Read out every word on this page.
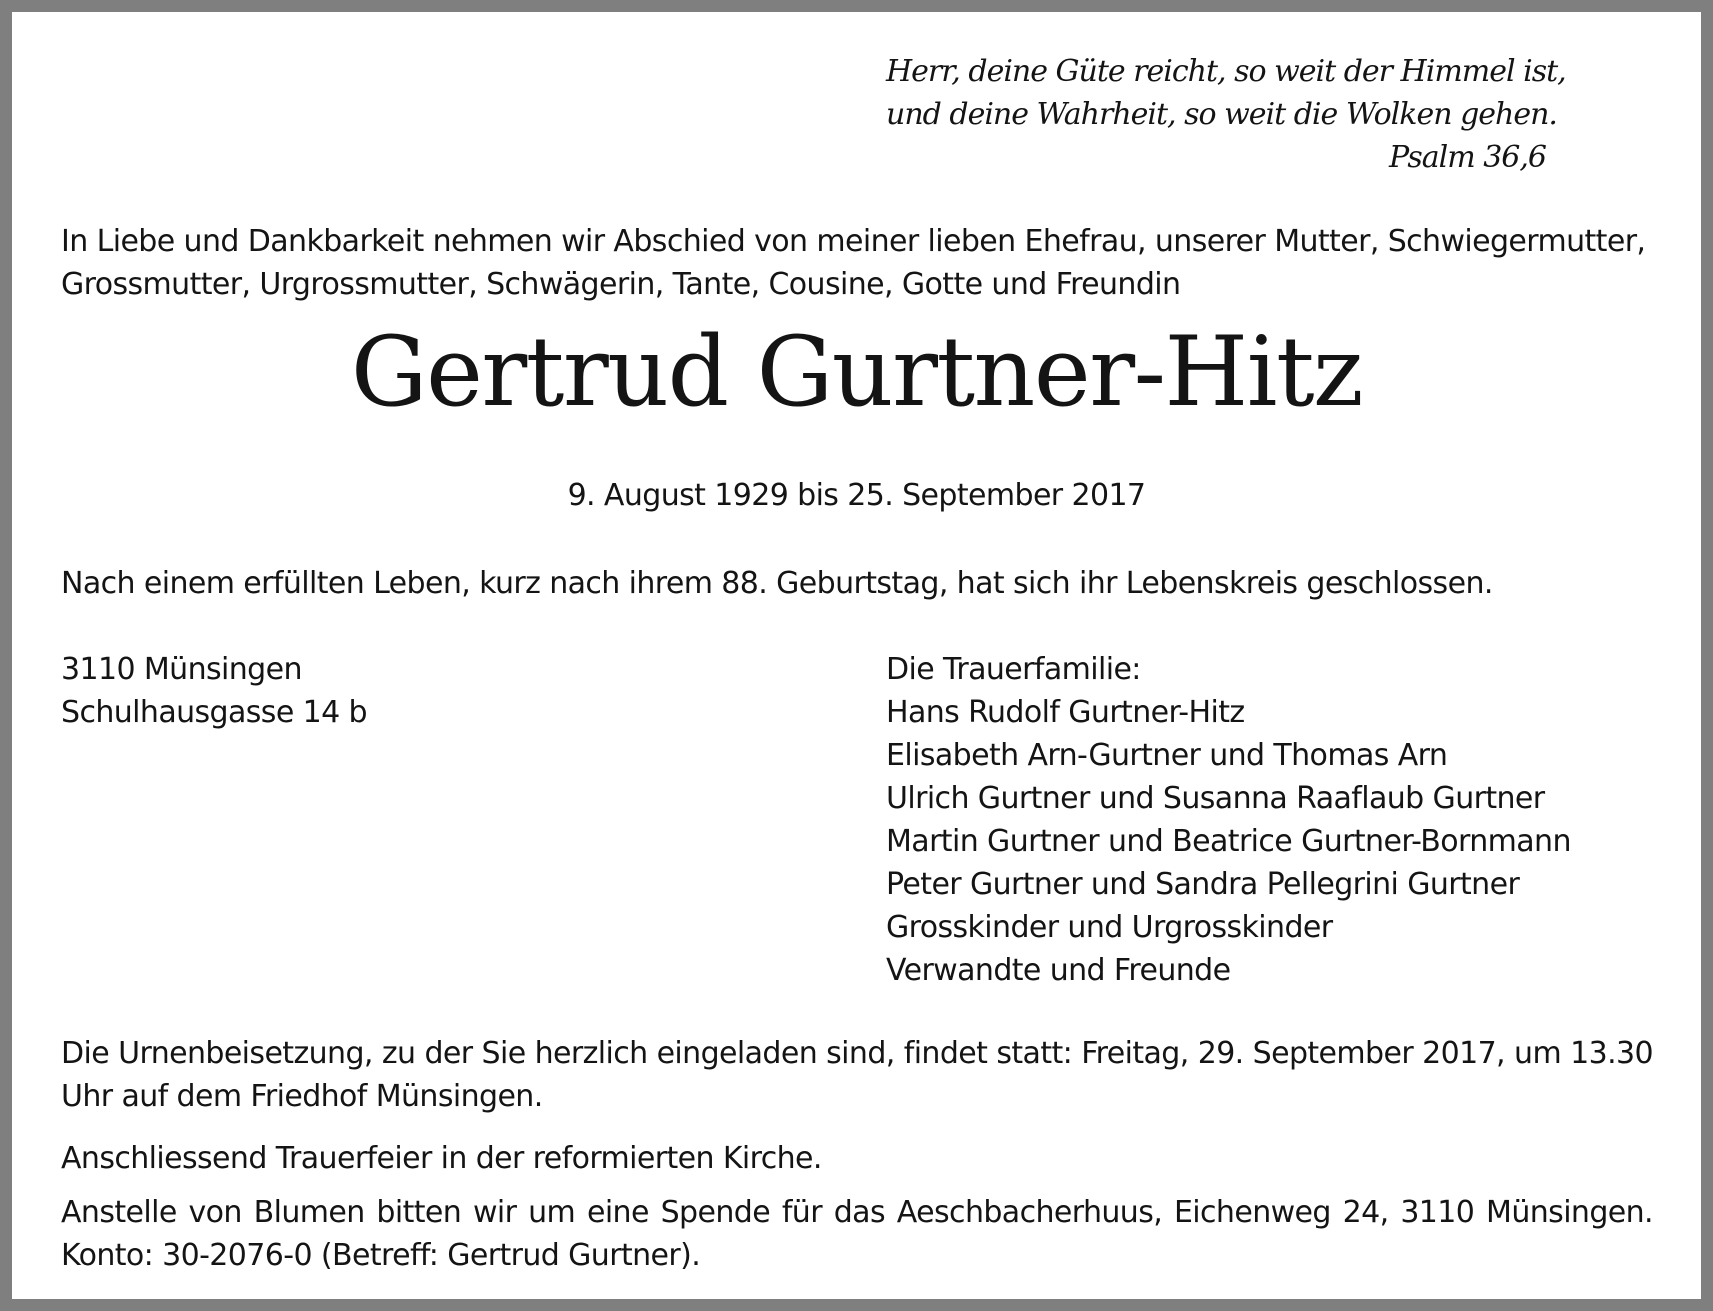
Herr, deine Güte reicht, so weit der Himmel ist,
und deine Wahrheit, so weit die Wolken gehen.
Psalm 36,6
In Liebe und Dankbarkeit nehmen wir Abschied von meiner lieben Ehefrau, unserer Mutter, Schwiegermutter, Grossmutter, Urgrossmutter, Schwägerin, Tante, Cousine, Gotte und Freundin
Gertrud Gurtner-Hitz
9. August 1929 bis 25. September 2017
Nach einem erfüllten Leben, kurz nach ihrem 88. Geburtstag, hat sich ihr Lebenskreis geschlossen.
3110 Münsingen
Schulhausgasse 14 b
Die Trauerfamilie:
Hans Rudolf Gurtner-Hitz
Elisabeth Arn-Gurtner und Thomas Arn
Ulrich Gurtner und Susanna Raaflaub Gurtner
Martin Gurtner und Beatrice Gurtner-Bornmann
Peter Gurtner und Sandra Pellegrini Gurtner
Grosskinder und Urgrosskinder
Verwandte und Freunde
Die Urnenbeisetzung, zu der Sie herzlich eingeladen sind, findet statt: Freitag, 29. September 2017, um 13.30 Uhr auf dem Friedhof Münsingen.
Anschliessend Trauerfeier in der reformierten Kirche.
Anstelle von Blumen bitten wir um eine Spende für das Aeschbacherhuus, Eichenweg 24, 3110 Münsingen.
Konto: 30-2076-0 (Betreff: Gertrud Gurtner).
